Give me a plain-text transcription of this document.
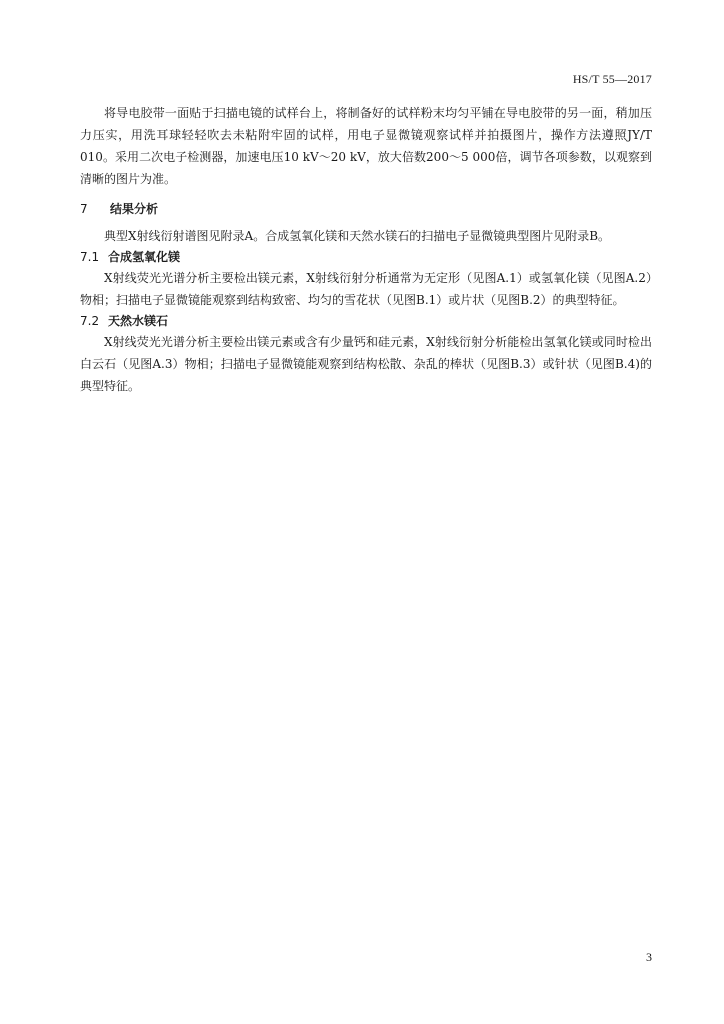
HS/T 55—2017

将导电胶带一面贴于扫描电镜的试样台上，将制备好的试样粉末均匀平铺在导电胶带的另一面，稍加压力压实，用洗耳球轻轻吹去未粘附牢固的试样，用电子显微镜观察试样并拍摄图片，操作方法遵照JY/T 010。采用二次电子检测器，加速电压10 kV～20 kV，放大倍数200～5 000倍，调节各项参数，以观察到清晰的图片为准。

7 结果分析

典型X射线衍射谱图见附录A。合成氢氧化镁和天然水镁石的扫描电子显微镜典型图片见附录B。

7.1 合成氢氧化镁

X射线荧光光谱分析主要检出镁元素，X射线衍射分析通常为无定形（见图A.1）或氢氧化镁（见图A.2）物相；扫描电子显微镜能观察到结构致密、均匀的雪花状（见图B.1）或片状（见图B.2）的典型特征。

7.2 天然水镁石

X射线荧光光谱分析主要检出镁元素或含有少量钙和硅元素，X射线衍射分析能检出氢氧化镁或同时检出白云石（见图A.3）物相；扫描电子显微镜能观察到结构松散、杂乱的棒状（见图B.3）或针状（见图B.4)的典型特征。

3
